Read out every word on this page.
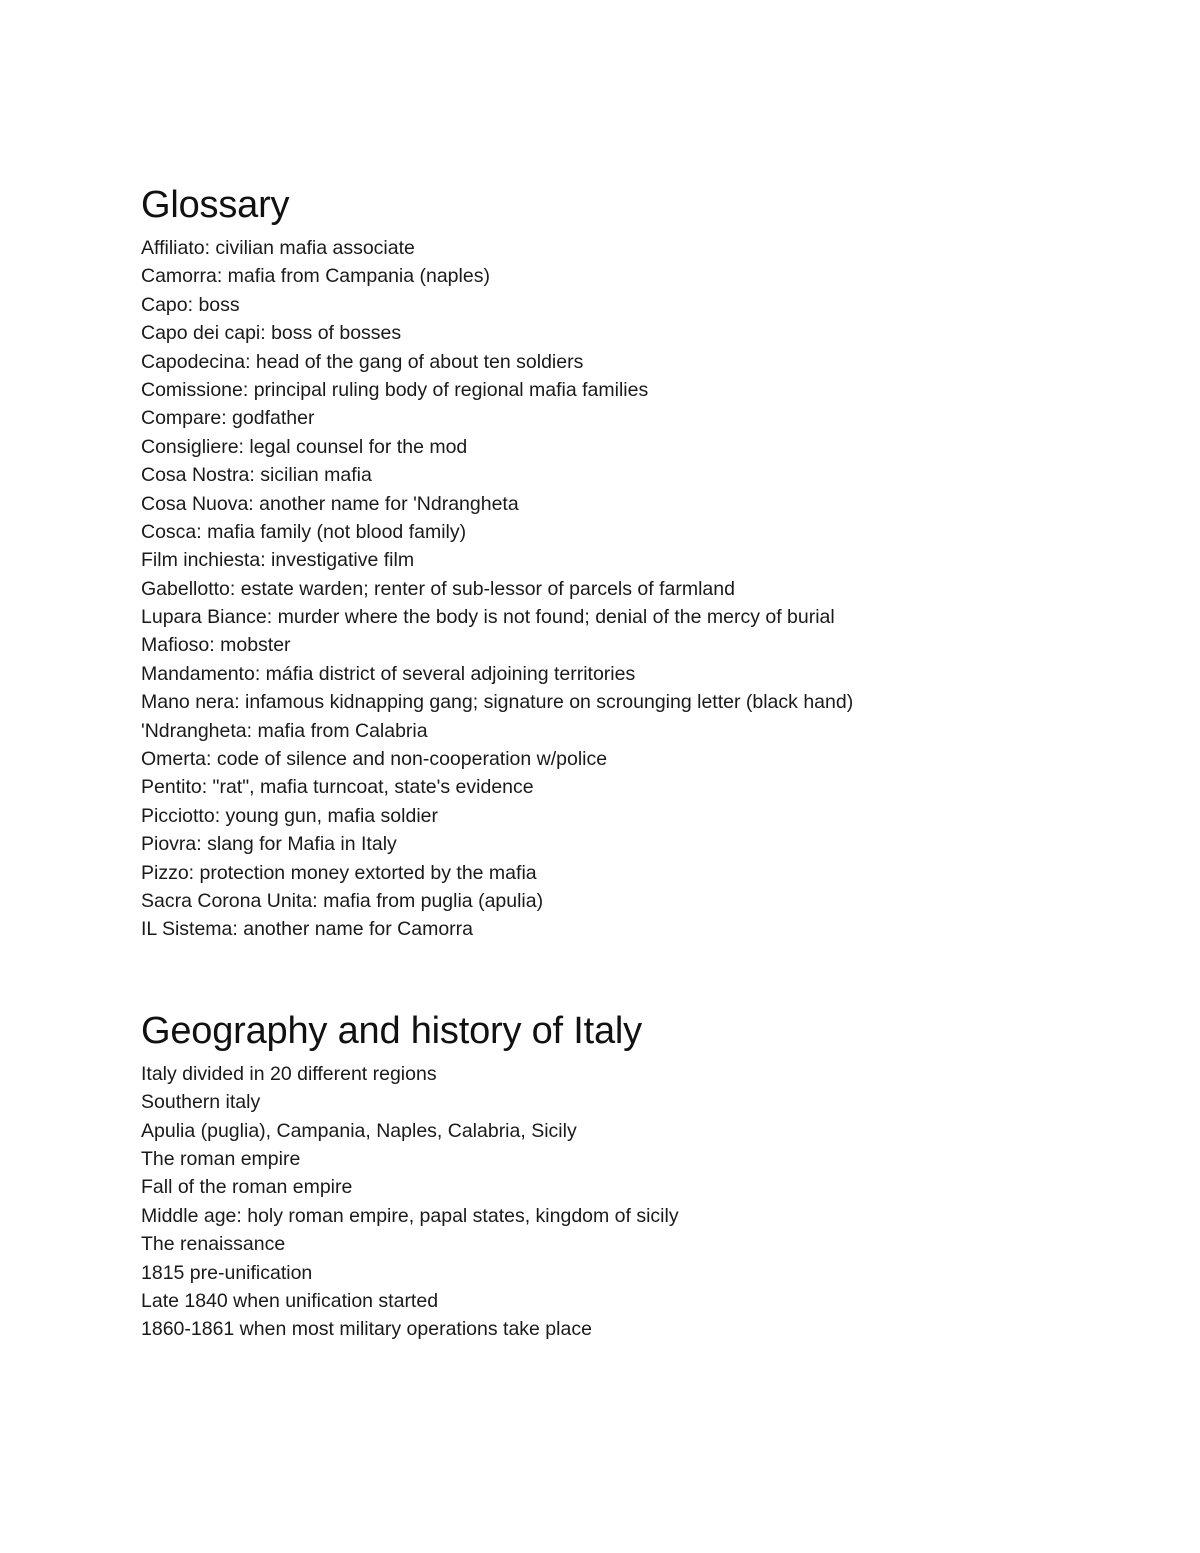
Glossary
Affiliato: civilian mafia associate
Camorra: mafia from Campania (naples)
Capo: boss
Capo dei capi: boss of bosses
Capodecina: head of the gang of about ten soldiers
Comissione: principal ruling body of regional mafia families
Compare: godfather
Consigliere: legal counsel for the mod
Cosa Nostra: sicilian mafia
Cosa Nuova: another name for 'Ndrangheta
Cosca: mafia family (not blood family)
Film inchiesta: investigative film
Gabellotto: estate warden; renter of sub-lessor of parcels of farmland
Lupara Biance: murder where the body is not found; denial of the mercy of burial
Mafioso: mobster
Mandamento: máfia district of several adjoining territories
Mano nera: infamous kidnapping gang; signature on scrounging letter (black hand)
'Ndrangheta: mafia from Calabria
Omerta: code of silence and non-cooperation w/police
Pentito: "rat", mafia turncoat, state's evidence
Picciotto: young gun, mafia soldier
Piovra: slang for Mafia in Italy
Pizzo: protection money extorted by the mafia
Sacra Corona Unita: mafia from puglia (apulia)
IL Sistema: another name for Camorra
Geography and history of Italy
Italy divided in 20 different regions
Southern italy
Apulia (puglia), Campania, Naples, Calabria, Sicily
The roman empire
Fall of the roman empire
Middle age: holy roman empire, papal states, kingdom of sicily
The renaissance
1815 pre-unification
Late 1840 when unification started
1860-1861 when most military operations take place
